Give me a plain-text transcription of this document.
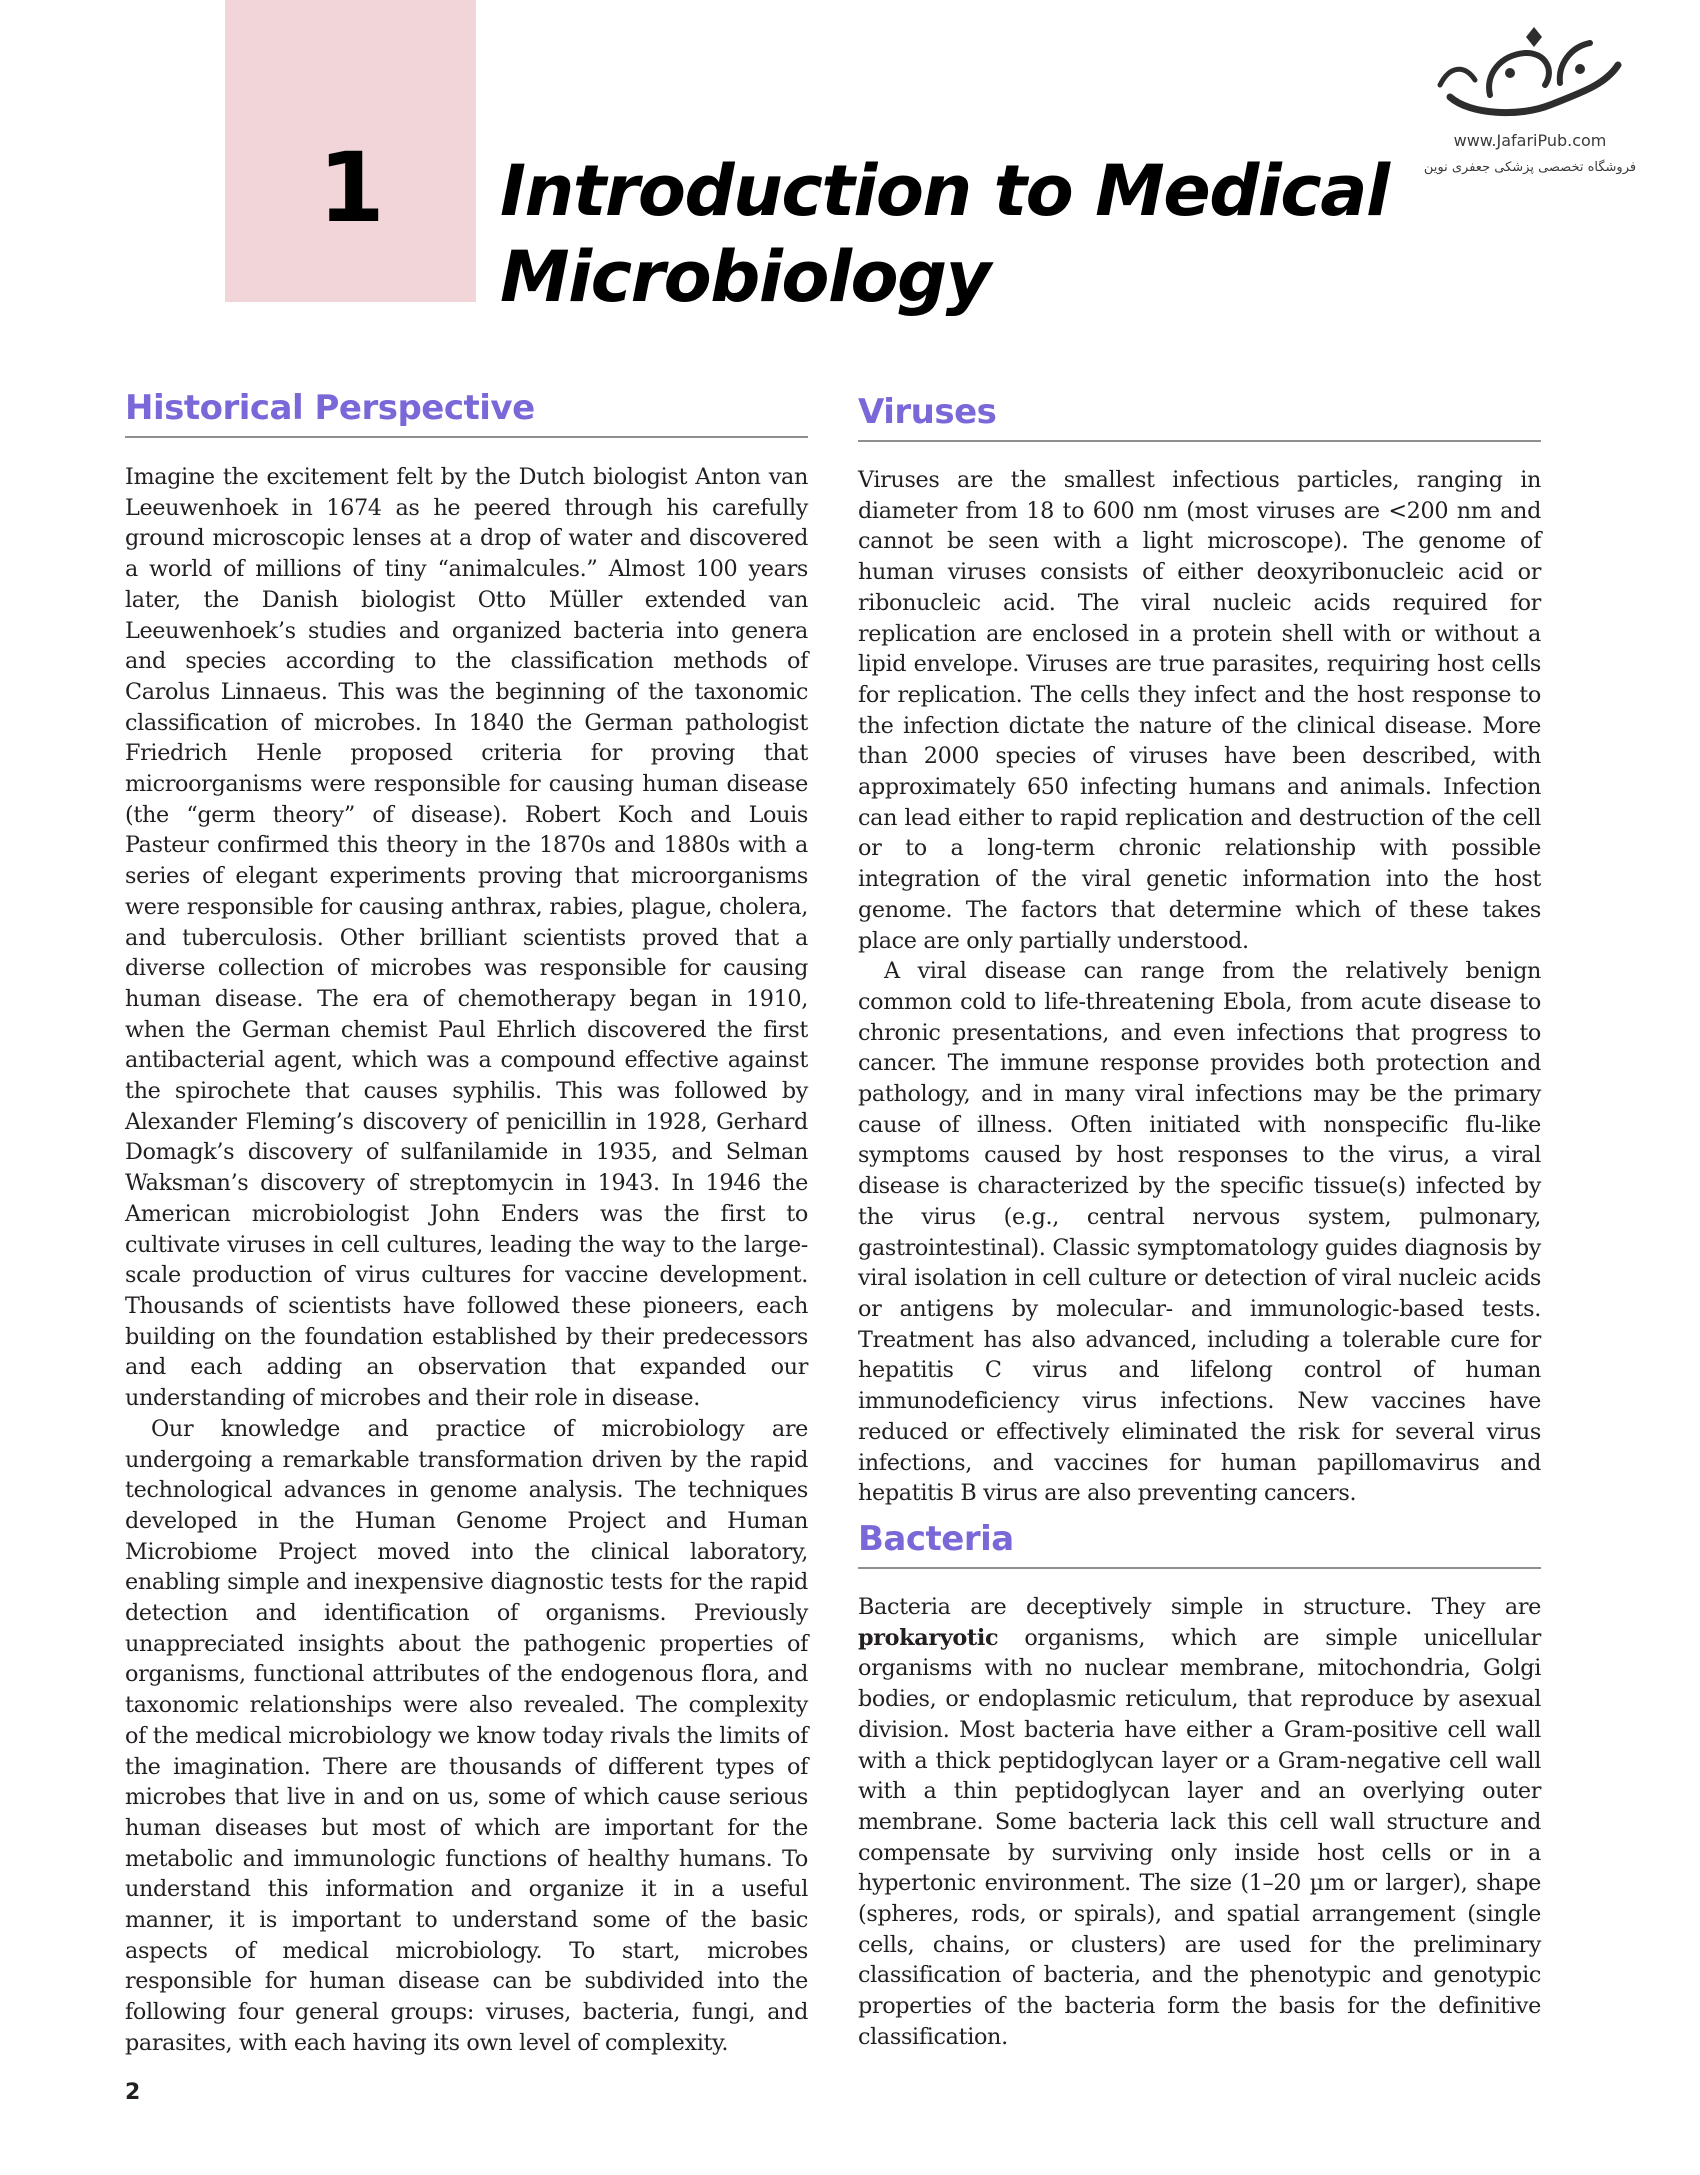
1	Introduction to Medical
Microbiology
www.JafariPub.com
فروشگاه تخصصی پزشکی جعفری نوین
Historical Perspective

Imagine the excitement felt by the Dutch biologist Anton van Leeuwenhoek in 1674 as he peered through his carefully ground microscopic lenses at a drop of water and discovered a world of millions of tiny “animalcules.” Almost 100 years later, the Danish biologist Otto Müller extended van Leeuwenhoek’s studies and organized bacteria into genera and species according to the classification methods of Carolus Linnaeus. This was the beginning of the taxonomic classification of microbes. In 1840 the German pathologist Friedrich Henle proposed criteria for proving that microorganisms were responsible for causing human disease (the “germ theory” of disease). Robert Koch and Louis Pasteur confirmed this theory in the 1870s and 1880s with a series of elegant experiments proving that microorganisms were responsible for causing anthrax, rabies, plague, cholera, and tuberculosis. Other brilliant scientists proved that a diverse collection of microbes was responsible for causing human disease. The era of chemotherapy began in 1910, when the German chemist Paul Ehrlich discovered the first antibacterial agent, which was a compound effective against the spirochete that causes syphilis. This was followed by Alexander Fleming’s discovery of penicillin in 1928, Gerhard Domagk’s discovery of sulfanilamide in 1935, and Selman Waksman’s discovery of streptomycin in 1943. In 1946 the American microbiologist John Enders was the first to cultivate viruses in cell cultures, leading the way to the large-scale production of virus cultures for vaccine development. Thousands of scientists have followed these pioneers, each building on the foundation established by their predecessors and each adding an observation that expanded our understanding of microbes and their role in disease.

Our knowledge and practice of microbiology are undergoing a remarkable transformation driven by the rapid technological advances in genome analysis. The techniques developed in the Human Genome Project and Human Microbiome Project moved into the clinical laboratory, enabling simple and inexpensive diagnostic tests for the rapid detection and identification of organisms. Previously unappreciated insights about the pathogenic properties of organisms, functional attributes of the endogenous flora, and taxonomic relationships were also revealed. The complexity of the medical microbiology we know today rivals the limits of the imagination. There are thousands of different types of microbes that live in and on us, some of which cause serious human diseases but most of which are important for the metabolic and immunologic functions of healthy humans. To understand this information and organize it in a useful manner, it is important to understand some of the basic aspects of medical microbiology. To start, microbes responsible for human disease can be subdivided into the following four general groups: viruses, bacteria, fungi, and parasites, with each having its own level of complexity.

Viruses

Viruses are the smallest infectious particles, ranging in diameter from 18 to 600 nm (most viruses are <200 nm and cannot be seen with a light microscope). The genome of human viruses consists of either deoxyribonucleic acid or ribonucleic acid. The viral nucleic acids required for replication are enclosed in a protein shell with or without a lipid envelope. Viruses are true parasites, requiring host cells for replication. The cells they infect and the host response to the infection dictate the nature of the clinical disease. More than 2000 species of viruses have been described, with approximately 650 infecting humans and animals. Infection can lead either to rapid replication and destruction of the cell or to a long-term chronic relationship with possible integration of the viral genetic information into the host genome. The factors that determine which of these takes place are only partially understood.

A viral disease can range from the relatively benign common cold to life-threatening Ebola, from acute disease to chronic presentations, and even infections that progress to cancer. The immune response provides both protection and pathology, and in many viral infections may be the primary cause of illness. Often initiated with nonspecific flu-like symptoms caused by host responses to the virus, a viral disease is characterized by the specific tissue(s) infected by the virus (e.g., central nervous system, pulmonary, gastrointestinal). Classic symptomatology guides diagnosis by viral isolation in cell culture or detection of viral nucleic acids or antigens by molecular- and immunologic-based tests. Treatment has also advanced, including a tolerable cure for hepatitis C virus and lifelong control of human immunodeficiency virus infections. New vaccines have reduced or effectively eliminated the risk for several virus infections, and vaccines for human papillomavirus and hepatitis B virus are also preventing cancers.

Bacteria

Bacteria are deceptively simple in structure. They are prokaryotic organisms, which are simple unicellular organisms with no nuclear membrane, mitochondria, Golgi bodies, or endoplasmic reticulum, that reproduce by asexual division. Most bacteria have either a Gram-positive cell wall with a thick peptidoglycan layer or a Gram-negative cell wall with a thin peptidoglycan layer and an overlying outer membrane. Some bacteria lack this cell wall structure and compensate by surviving only inside host cells or in a hypertonic environment. The size (1–20 µm or larger), shape (spheres, rods, or spirals), and spatial arrangement (single cells, chains, or clusters) are used for the preliminary classification of bacteria, and the phenotypic and genotypic properties of the bacteria form the basis for the definitive classification.

2
